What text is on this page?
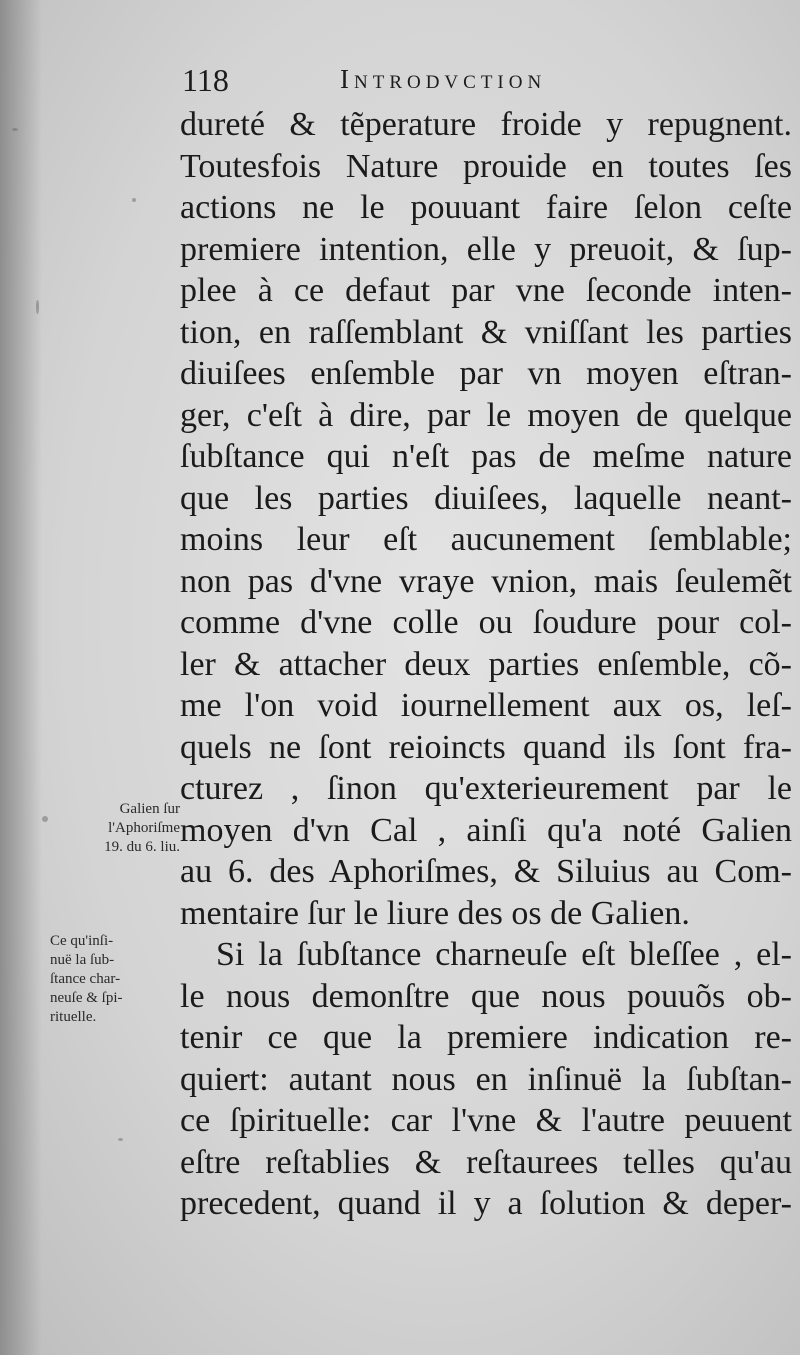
118	Introdvction
dureté & tẽperature froide y repugnent.
Toutesfois Nature prouide en toutes ſes
actions ne le pouuant faire ſelon ceſte
premiere intention, elle y preuoit, & ſup-
plee à ce defaut par vne ſeconde inten-
tion, en raſſemblant & vniſſant les parties
diuiſees enſemble par vn moyen eſtran-
ger, c'eſt à dire, par le moyen de quelque
ſubſtance qui n'eſt pas de meſme nature
que les parties diuiſees, laquelle neant-
moins leur eſt aucunement ſemblable;
non pas d'vne vraye vnion, mais ſeulemẽt
comme d'vne colle ou ſoudure pour col-
ler & attacher deux parties enſemble, cõ-
me l'on void iournellement aux os, leſ-
quels ne ſont reioincts quand ils ſont fra-
cturez , ſinon qu'exterieurement par le
moyen d'vn Cal , ainſi qu'a noté Galien
au 6. des Aphoriſmes, & Siluius au Com-
mentaire ſur le liure des os de Galien.
Si la ſubſtance charneuſe eſt bleſſee , el-
le nous demonſtre que nous pouuõs ob-
tenir ce que la premiere indication re-
quiert: autant nous en inſinuë la ſubſtan-
ce ſpirituelle: car l'vne & l'autre peuuent
eſtre reſtablies & reſtaurees telles qu'au
precedent, quand il y a ſolution & deper-
Galien ſur
l'Aphoriſme
19. du 6. liu.
Ce qu'inſi-
nuë la ſub-
ſtance char-
neuſe & ſpi-
rituelle.
